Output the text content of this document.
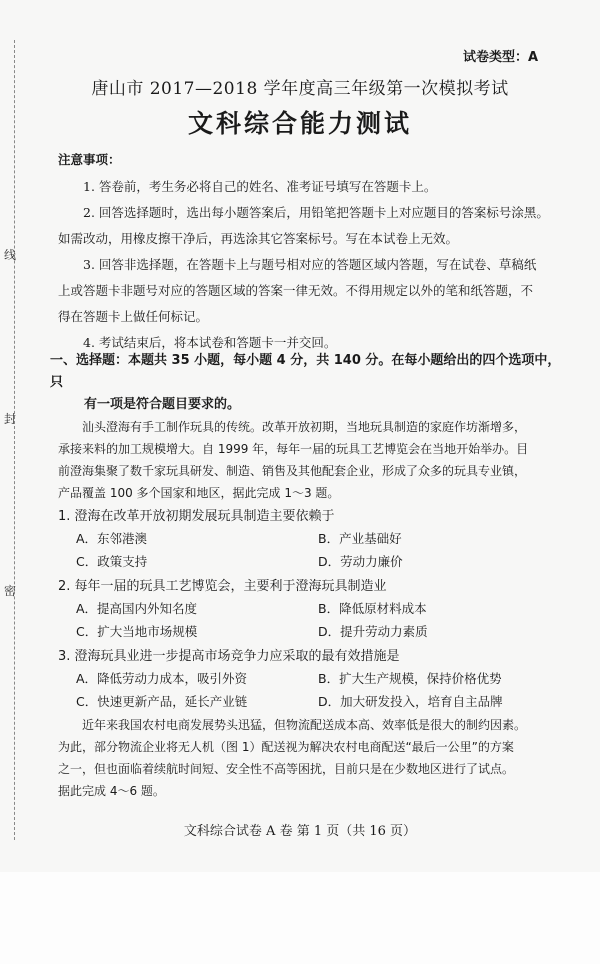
线
封
密
试卷类型：A
唐山市 2017—2018 学年度高三年级第一次模拟考试
文科综合能力测试
注意事项：

1. 答卷前，考生务必将自己的姓名、准考证号填写在答题卡上。

2. 回答选择题时，选出每小题答案后，用铅笔把答题卡上对应题目的答案标号涂黑。

如需改动，用橡皮擦干净后，再选涂其它答案标号。写在本试卷上无效。

3. 回答非选择题，在答题卡上与题号相对应的答题区域内答题，写在试卷、草稿纸

上或答题卡非题号对应的答题区域的答案一律无效。不得用规定以外的笔和纸答题，不

得在答题卡上做任何标记。

4. 考试结束后，将本试卷和答题卡一并交回。

一、选择题：本题共 35 小题，每小题 4 分，共 140 分。在每小题给出的四个选项中，只
有一项是符合题目要求的。

汕头澄海有手工制作玩具的传统。改革开放初期，当地玩具制造的家庭作坊渐增多，

承接来料的加工规模增大。自 1999 年，每年一届的玩具工艺博览会在当地开始举办。目

前澄海集聚了数千家玩具研发、制造、销售及其他配套企业，形成了众多的玩具专业镇，

产品覆盖 100 多个国家和地区，据此完成 1～3 题。

1. 澄海在改革开放初期发展玩具制造主要依赖于

A．东邻港澳	B．产业基础好
C．政策支持	D．劳动力廉价

2. 每年一届的玩具工艺博览会，主要利于澄海玩具制造业

A．提高国内外知名度	B．降低原材料成本
C．扩大当地市场规模	D．提升劳动力素质

3. 澄海玩具业进一步提高市场竞争力应采取的最有效措施是

A．降低劳动力成本，吸引外资	B．扩大生产规模，保持价格优势
C．快速更新产品，延长产业链	D．加大研发投入，培育自主品牌

近年来我国农村电商发展势头迅猛，但物流配送成本高、效率低是很大的制约因素。

为此，部分物流企业将无人机（图 1）配送视为解决农村电商配送“最后一公里”的方案

之一，但也面临着续航时间短、安全性不高等困扰，目前只是在少数地区进行了试点。

据此完成 4～6 题。

文科综合试卷 A 卷 第 1 页（共 16 页）
